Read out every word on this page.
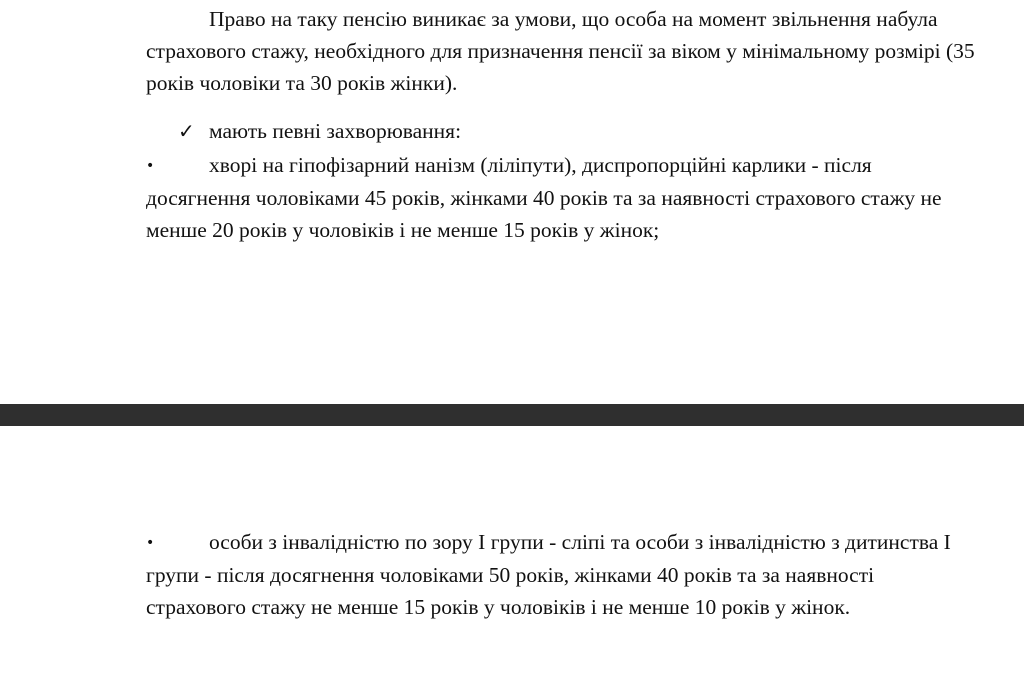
Право на таку пенсію виникає за умови, що особа на момент звільнення набула страхового стажу, необхідного для призначення пенсії за віком у мінімальному розмірі (35 років чоловіки та 30 років жінки).

✓ мають певні захворювання:
•	хворі на гіпофізарний нанізм (ліліпути), диспропорційні карлики - після досягнення чоловіками 45 років, жінками 40 років та за наявності страхового стажу не менше 20 років у чоловіків і не менше 15 років у жінок;
•	особи з інвалідністю по зору I групи - сліпі та особи з інвалідністю з дитинства I групи - після досягнення чоловіками 50 років, жінками 40 років та за наявності страхового стажу не менше 15 років у чоловіків і не менше 10 років у жінок.
